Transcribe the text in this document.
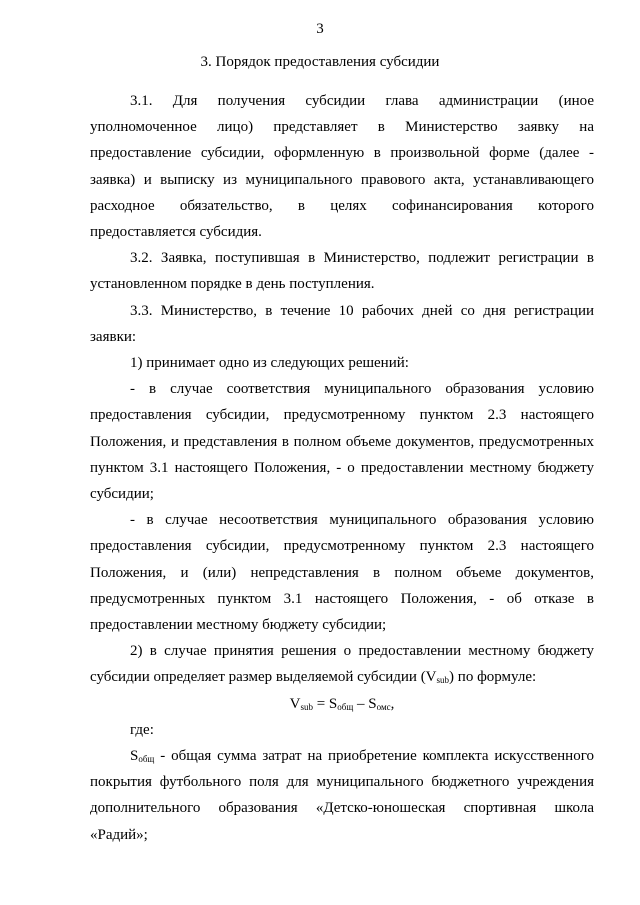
3
3. Порядок предоставления субсидии

3.1. Для получения субсидии глава администрации (иное уполномоченное лицо) представляет в Министерство заявку на предоставление субсидии, оформленную в произвольной форме (далее - заявка) и выписку из муниципального правового акта, устанавливающего расходное обязательство, в целях софинансирования которого предоставляется субсидия.

3.2. Заявка, поступившая в Министерство, подлежит регистрации в установленном порядке в день поступления.

3.3. Министерство, в течение 10 рабочих дней со дня регистрации заявки:

1) принимает одно из следующих решений:

- в случае соответствия муниципального образования условию предоставления субсидии, предусмотренному пунктом 2.3 настоящего Положения, и представления в полном объеме документов, предусмотренных пунктом 3.1 настоящего Положения, - о предоставлении местному бюджету субсидии;

- в случае несоответствия муниципального образования условию предоставления субсидии, предусмотренному пунктом 2.3 настоящего Положения, и (или) непредставления в полном объеме документов, предусмотренных пунктом 3.1 настоящего Положения, - об отказе в предоставлении местному бюджету субсидии;

2) в случае принятия решения о предоставлении местному бюджету субсидии определяет размер выделяемой субсидии $(V_{sub})$ по формуле:

$V_{sub} = S_{общ} - S_{омс}$,

где:

$S_{общ}$ - общая сумма затрат на приобретение комплекта искусственного покрытия футбольного поля для муниципального бюджетного учреждения дополнительного образования «Детско-юношеская спортивная школа «Радий»;
